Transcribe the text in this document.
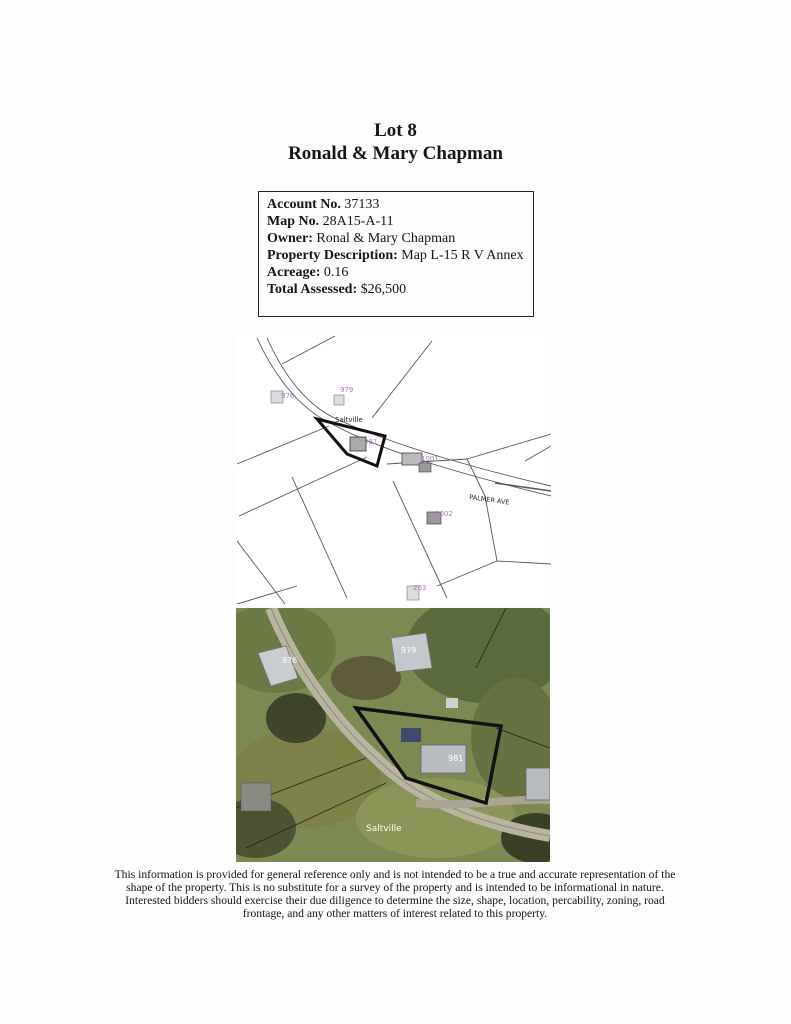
Lot 8
Ronald & Mary Chapman
Account No. 37133
Map No. 28A15-A-11
Owner: Ronal & Mary Chapman
Property Description: Map L-15 R V Annex
Acreage: 0.16
Total Assessed: $26,500
976
979
981
1001
1002
203
Saltville
PALMER AVE
976
979
981
Saltville
This information is provided for general reference only and is not intended to be a true and accurate representation of the shape of the property. This is no substitute for a survey of the property and is intended to be informational in nature. Interested bidders should exercise their due diligence to determine the size, shape, location, percability, zoning, road frontage, and any other matters of interest related to this property.
